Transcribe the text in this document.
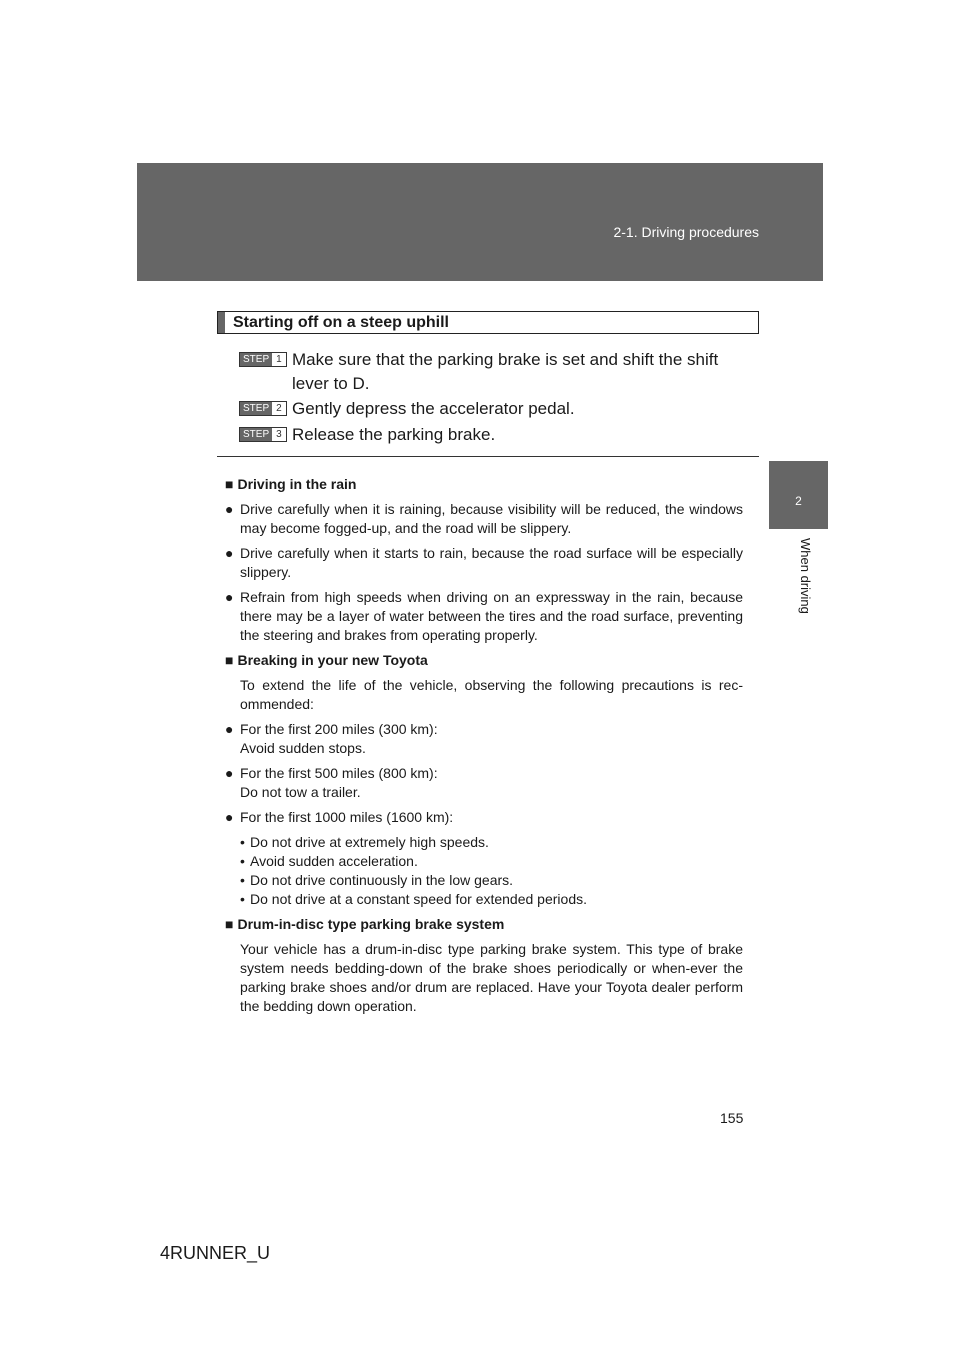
2-1. Driving procedures
2
When driving
Starting off on a steep uphill
STEP 1 Make sure that the parking brake is set and shift the shift lever to D.
STEP 2 Gently depress the accelerator pedal.
STEP 3 Release the parking brake.
■ Driving in the rain
● Drive carefully when it is raining, because visibility will be reduced, the windows may become fogged-up, and the road will be slippery.
● Drive carefully when it starts to rain, because the road surface will be especially slippery.
● Refrain from high speeds when driving on an expressway in the rain, because there may be a layer of water between the tires and the road surface, preventing the steering and brakes from operating properly.
■ Breaking in your new Toyota
To extend the life of the vehicle, observing the following precautions is rec-ommended:
● For the first 200 miles (300 km):
Avoid sudden stops.
● For the first 500 miles (800 km):
Do not tow a trailer.
● For the first 1000 miles (1600 km):
• Do not drive at extremely high speeds.
• Avoid sudden acceleration.
• Do not drive continuously in the low gears.
• Do not drive at a constant speed for extended periods.
■ Drum-in-disc type parking brake system
Your vehicle has a drum-in-disc type parking brake system. This type of brake system needs bedding-down of the brake shoes periodically or when-ever the parking brake shoes and/or drum are replaced. Have your Toyota dealer perform the bedding down operation.
155
4RUNNER_U
